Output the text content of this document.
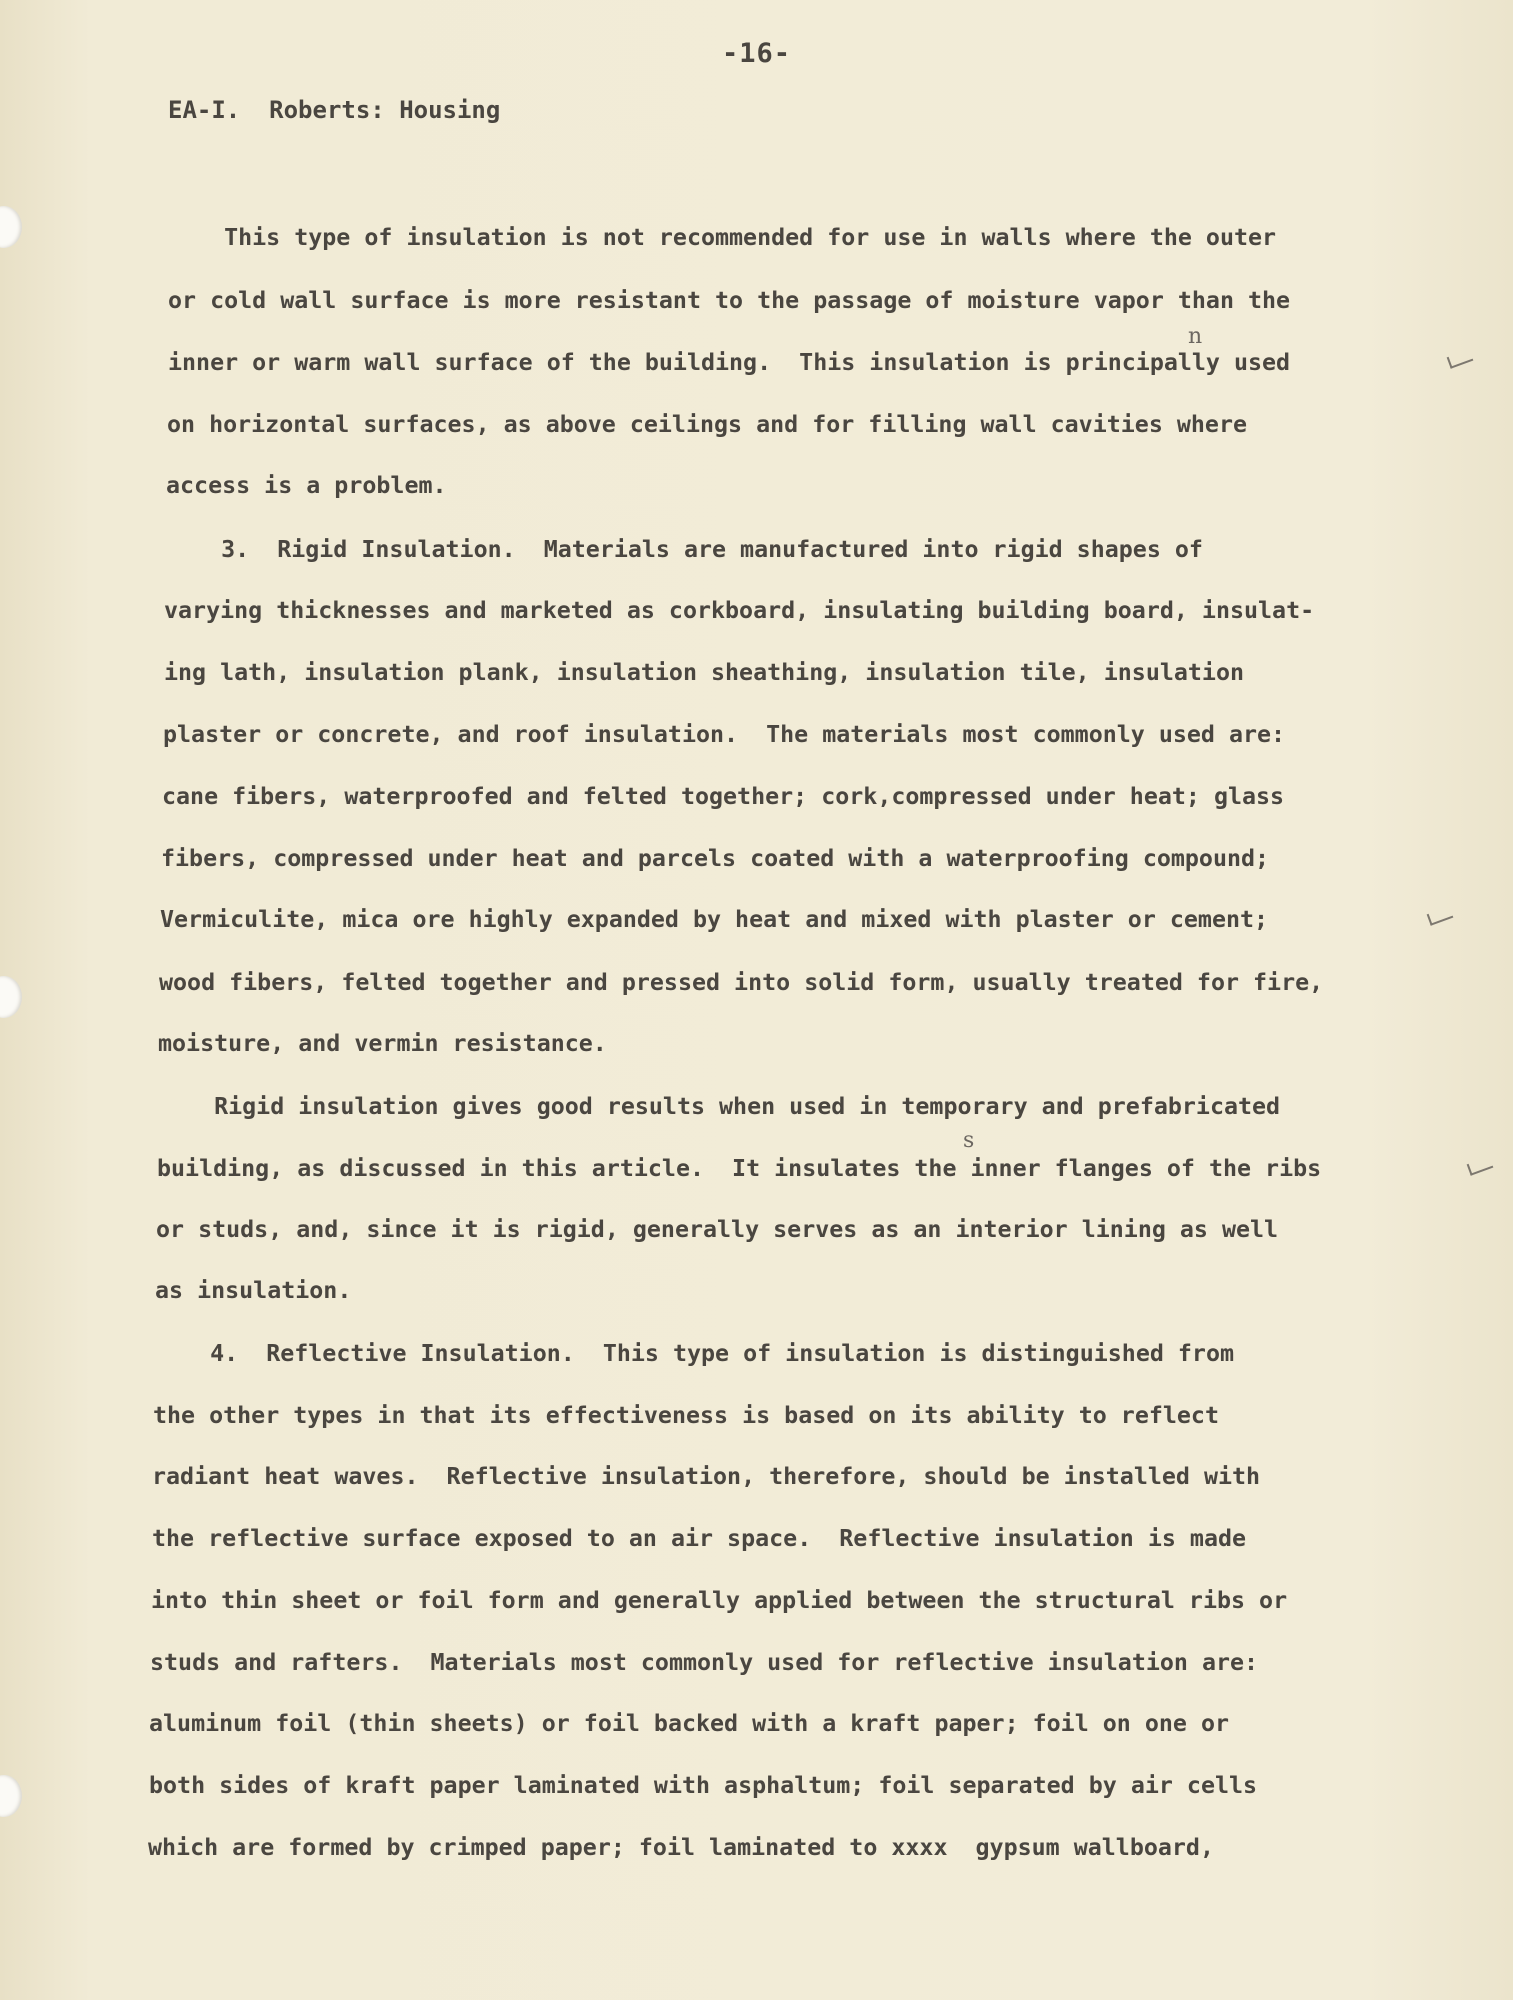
-16-
EA-I.  Roberts: Housing
This type of insulation is not recommended for use in walls where the outer
or cold wall surface is more resistant to the passage of moisture vapor than the
inner or warm wall surface of the building.  This insulation is principally used
on horizontal surfaces, as above ceilings and for filling wall cavities where
access is a problem.
3.  Rigid Insulation.  Materials are manufactured into rigid shapes of
varying thicknesses and marketed as corkboard, insulating building board, insulat-
ing lath, insulation plank, insulation sheathing, insulation tile, insulation
plaster or concrete, and roof insulation.  The materials most commonly used are:
cane fibers, waterproofed and felted together; cork,compressed under heat; glass
fibers, compressed under heat and parcels coated with a waterproofing compound;
Vermiculite, mica ore highly expanded by heat and mixed with plaster or cement;
wood fibers, felted together and pressed into solid form, usually treated for fire,
moisture, and vermin resistance.
Rigid insulation gives good results when used in temporary and prefabricated
building, as discussed in this article.  It insulates the inner flanges of the ribs
or studs, and, since it is rigid, generally serves as an interior lining as well
as insulation.
4.  Reflective Insulation.  This type of insulation is distinguished from
the other types in that its effectiveness is based on its ability to reflect
radiant heat waves.  Reflective insulation, therefore, should be installed with
the reflective surface exposed to an air space.  Reflective insulation is made
into thin sheet or foil form and generally applied between the structural ribs or
studs and rafters.  Materials most commonly used for reflective insulation are:
aluminum foil (thin sheets) or foil backed with a kraft paper; foil on one or
both sides of kraft paper laminated with asphaltum; foil separated by air cells
which are formed by crimped paper; foil laminated to xxxx  gypsum wallboard,
n
s
